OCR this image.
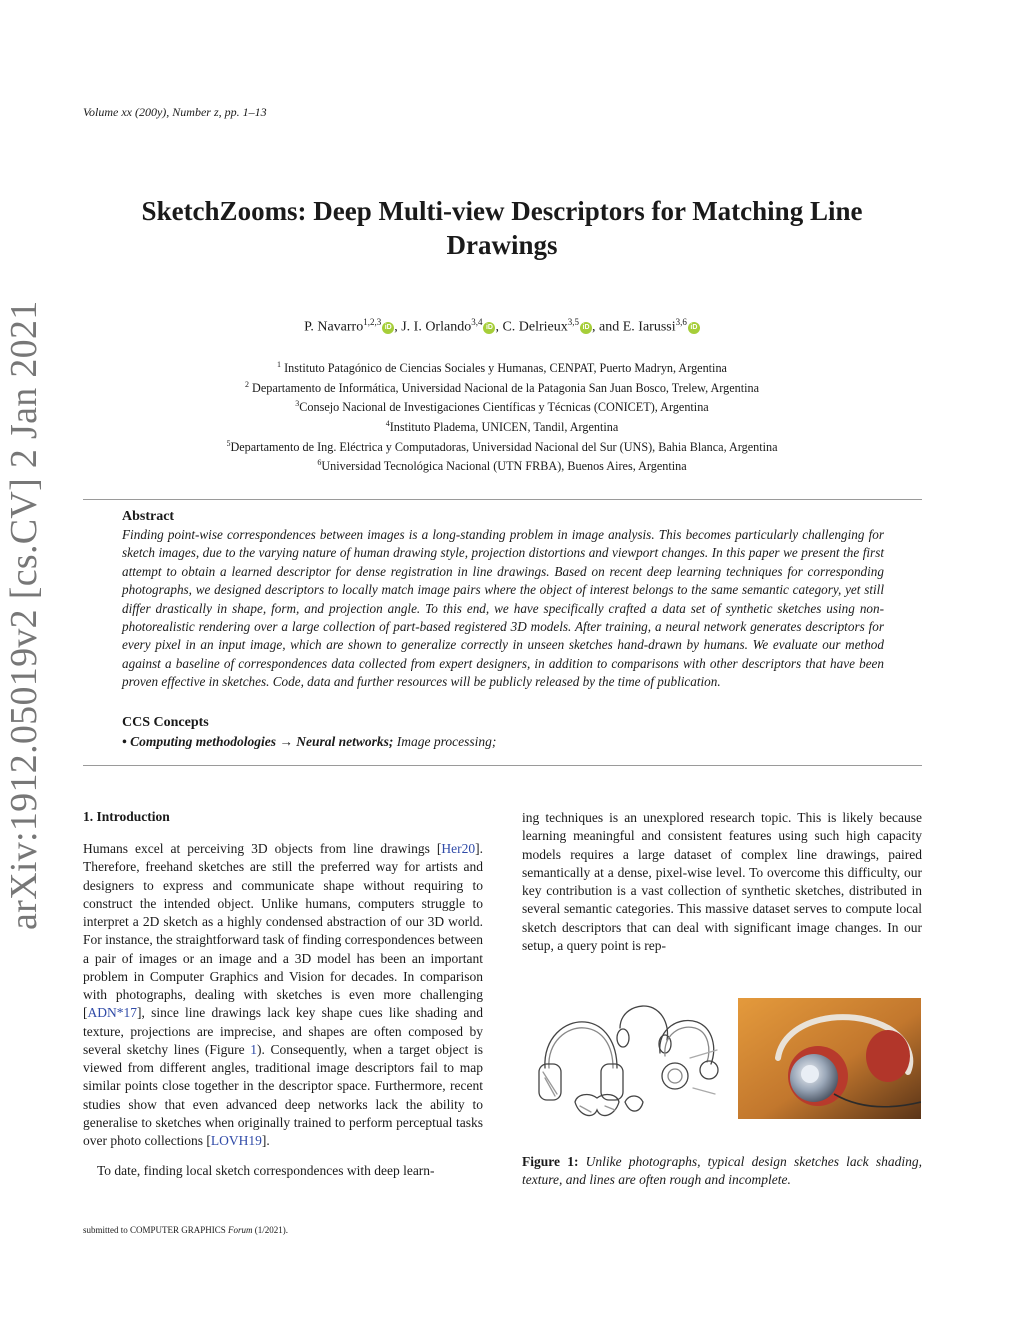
Volume xx (200y), Number z, pp. 1–13
SketchZooms: Deep Multi-view Descriptors for Matching Line Drawings
P. Navarro$^{1,2,3}$iD , J. I. Orlando$^{3,4}$iD , C. Delrieux$^{3,5}$iD , and E. Iarussi$^{3,6}$iD
$^1$ Instituto Patagónico de Ciencias Sociales y Humanas, CENPAT, Puerto Madryn, Argentina
$^2$ Departamento de Informática, Universidad Nacional de la Patagonia San Juan Bosco, Trelew, Argentina
$^3$Consejo Nacional de Investigaciones Científicas y Técnicas (CONICET), Argentina
$^4$Instituto Pladema, UNICEN, Tandil, Argentina
$^5$Departamento de Ing. Eléctrica y Computadoras, Universidad Nacional del Sur (UNS), Bahia Blanca, Argentina
$^6$Universidad Tecnológica Nacional (UTN FRBA), Buenos Aires, Argentina
Abstract
Finding point-wise correspondences between images is a long-standing problem in image analysis. This becomes particularly challenging for sketch images, due to the varying nature of human drawing style, projection distortions and viewport changes. In this paper we present the first attempt to obtain a learned descriptor for dense registration in line drawings. Based on recent deep learning techniques for corresponding photographs, we designed descriptors to locally match image pairs where the object of interest belongs to the same semantic category, yet still differ drastically in shape, form, and projection angle. To this end, we have specifically crafted a data set of synthetic sketches using non-photorealistic rendering over a large collection of part-based registered 3D models. After training, a neural network generates descriptors for every pixel in an input image, which are shown to generalize correctly in unseen sketches hand-drawn by humans. We evaluate our method against a baseline of correspondences data collected from expert designers, in addition to comparisons with other descriptors that have been proven effective in sketches. Code, data and further resources will be publicly released by the time of publication.
CCS Concepts
• Computing methodologies → Neural networks; Image processing;
arXiv:1912.05019v2 [cs.CV] 2 Jan 2021	1. Introduction

Humans excel at perceiving 3D objects from line drawings [Her20]. Therefore, freehand sketches are still the preferred way for artists and designers to express and communicate shape without requiring to construct the intended object. Unlike humans, computers struggle to interpret a 2D sketch as a highly condensed abstraction of our 3D world. For instance, the straightforward task of finding correspondences between a pair of images or an image and a 3D model has been an important problem in Computer Graphics and Vision for decades. In comparison with photographs, dealing with sketches is even more challenging [ADN*17], since line drawings lack key shape cues like shading and texture, projections are imprecise, and shapes are often composed by several sketchy lines (Figure 1). Consequently, when a target object is viewed from different angles, traditional image descriptors fail to map similar points close together in the descriptor space. Furthermore, recent studies show that even advanced deep networks lack the ability to generalise to sketches when originally trained to perform perceptual tasks over photo collections [LOVH19].

To date, finding local sketch correspondences with deep learn-

ing techniques is an unexplored research topic. This is likely because learning meaningful and consistent features using such high capacity models requires a large dataset of complex line drawings, paired semantically at a dense, pixel-wise level. To overcome this difficulty, our key contribution is a vast collection of synthetic sketches, distributed in several semantic categories. This massive dataset serves to compute local sketch descriptors that can deal with significant image changes. In our setup, a query point is rep-

Figure 1: Unlike photographs, typical design sketches lack shading, texture, and lines are often rough and incomplete.
submitted to COMPUTER GRAPHICS Forum (1/2021).
